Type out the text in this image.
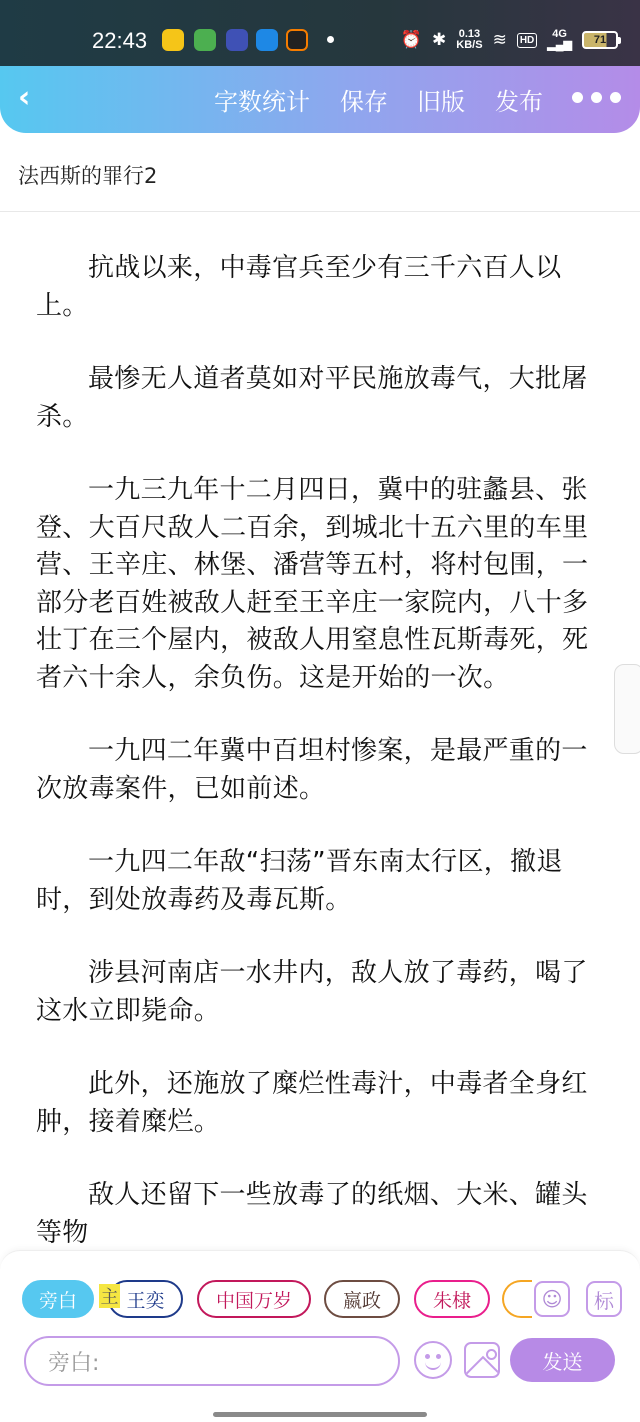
22:43	⏰ ✱ 0.13
KB/S ≋	HD	4G
▂▄▆ 71
‹	字数统计 保存 旧版 发布
法西斯的罪行2

抗战以来，中毒官兵至少有三千六百人以上。

最惨无人道者莫如对平民施放毒气，大批屠杀。

一九三九年十二月四日，冀中的驻蠡县、张登、大百尺敌人二百余，到城北十五六里的车里营、王辛庄、林堡、潘营等五村，将村包围，一部分老百姓被敌人赶至王辛庄一家院内，八十多壮丁在三个屋内，被敌人用窒息性瓦斯毒死，死者六十余人，余负伤。这是开始的一次。

一九四二年冀中百坦村惨案，是最严重的一次放毒案件，已如前述。

一九四二年敌“扫荡”晋东南太行区，撤退时，到处放毒药及毒瓦斯。

涉县河南店一水井内，敌人放了毒药，喝了这水立即毙命。

此外，还施放了糜烂性毒汁，中毒者全身红肿，接着糜烂。

敌人还留下一些放毒了的纸烟、大米、罐头等物

旁白	王奕
主	中国万岁	嬴政	朱棣	☺	标
旁白:	发送
